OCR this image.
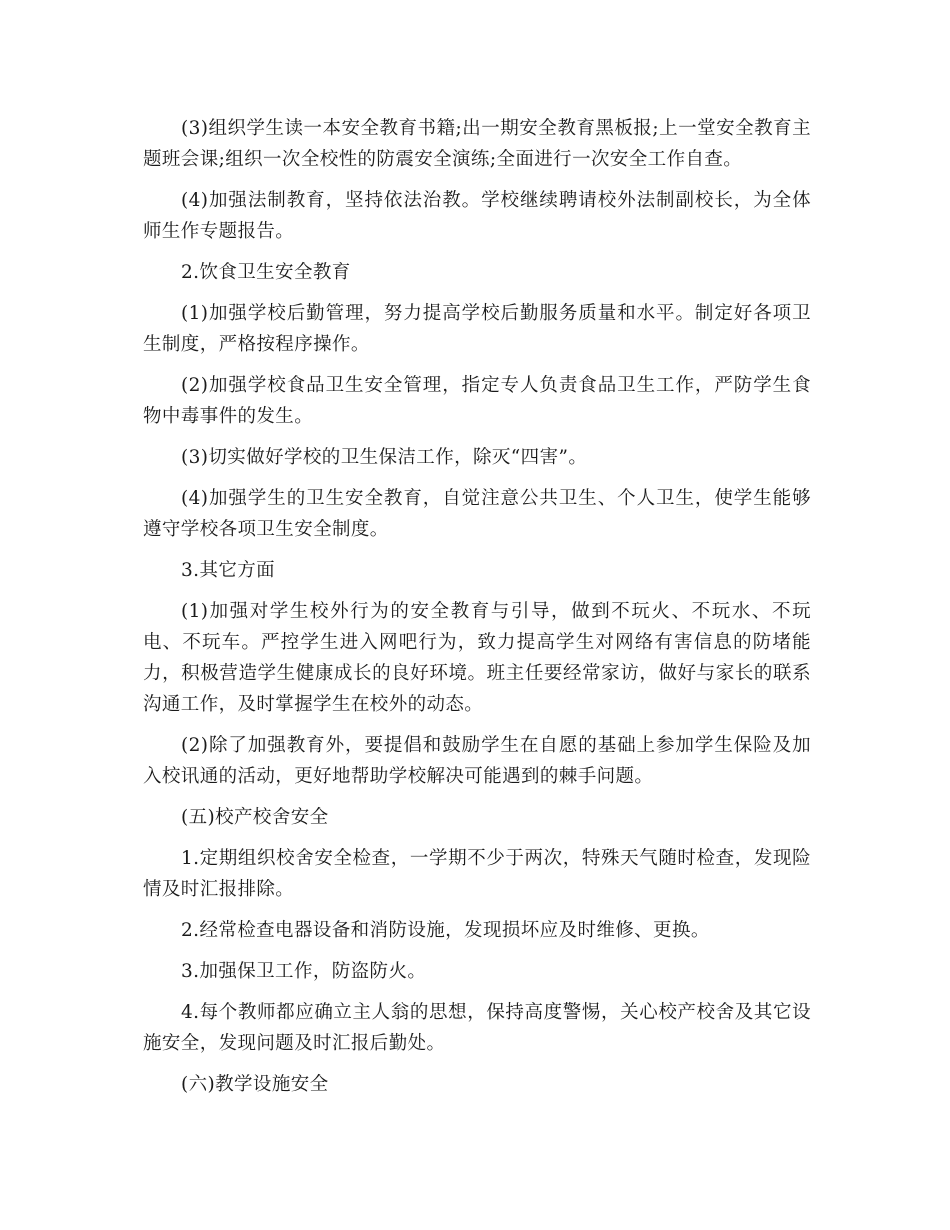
(3)组织学生读一本安全教育书籍;出一期安全教育黑板报;上一堂安全教育主题班会课;组织一次全校性的防震安全演练;全面进行一次安全工作自查。

(4)加强法制教育，坚持依法治教。学校继续聘请校外法制副校长，为全体师生作专题报告。

2.饮食卫生安全教育

(1)加强学校后勤管理，努力提高学校后勤服务质量和水平。制定好各项卫生制度，严格按程序操作。

(2)加强学校食品卫生安全管理，指定专人负责食品卫生工作，严防学生食物中毒事件的发生。

(3)切实做好学校的卫生保洁工作，除灭“四害”。

(4)加强学生的卫生安全教育，自觉注意公共卫生、个人卫生，使学生能够遵守学校各项卫生安全制度。

3.其它方面

(1)加强对学生校外行为的安全教育与引导，做到不玩火、不玩水、不玩电、不玩车。严控学生进入网吧行为，致力提高学生对网络有害信息的防堵能力，积极营造学生健康成长的良好环境。班主任要经常家访，做好与家长的联系沟通工作，及时掌握学生在校外的动态。

(2)除了加强教育外，要提倡和鼓励学生在自愿的基础上参加学生保险及加入校讯通的活动，更好地帮助学校解决可能遇到的棘手问题。

(五)校产校舍安全

1.定期组织校舍安全检查，一学期不少于两次，特殊天气随时检查，发现险情及时汇报排除。

2.经常检查电器设备和消防设施，发现损坏应及时维修、更换。

3.加强保卫工作，防盗防火。

4.每个教师都应确立主人翁的思想，保持高度警惕，关心校产校舍及其它设施安全，发现问题及时汇报后勤处。

(六)教学设施安全
